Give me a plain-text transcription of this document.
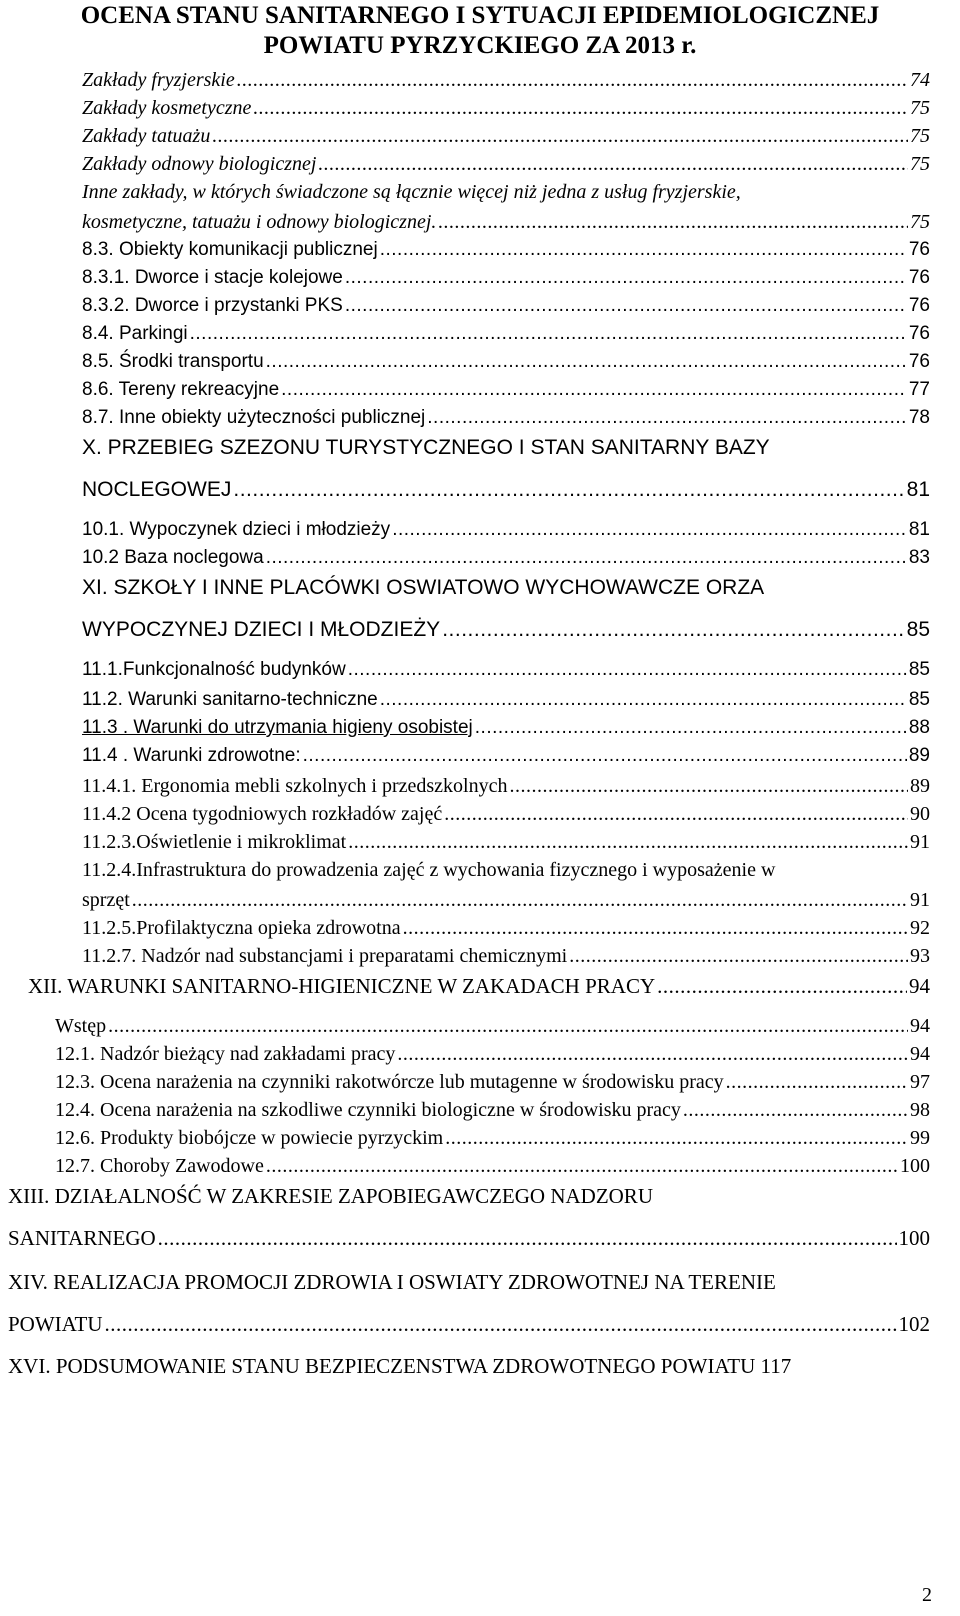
OCENA STANU SANITARNEGO I SYTUACJI EPIDEMIOLOGICZNEJ
POWIATU PYRZYCKIEGO ZA 2013 r.
Zakłady fryzjerskie .....	74
Zakłady kosmetyczne .....	75
Zakłady tatuażu .....	75
Zakłady odnowy biologicznej .....	75
Inne zakłady, w których świadczone są łącznie więcej niż jedna z usług fryzjerskie,
kosmetyczne, tatuażu i odnowy biologicznej. .....	75
8.3. Obiekty komunikacji publicznej .....	76
8.3.1. Dworce i stacje kolejowe .....	76
8.3.2. Dworce i przystanki PKS .....	76
8.4. Parkingi .....	76
8.5. Środki transportu .....	76
8.6. Tereny rekreacyjne .....	77
8.7. Inne obiekty użyteczności publicznej .....	78
X. PRZEBIEG SZEZONU TURYSTYCZNEGO I STAN SANITARNY BAZY
NOCLEGOWEJ .....	81
10.1. Wypoczynek dzieci i młodzieży .....	81
10.2 Baza noclegowa .....	83
XI. SZKOŁY I INNE PLACÓWKI OSWIATOWO WYCHOWAWCZE ORZA
WYPOCZYNEJ DZIECI I MŁODZIEŻY .....	85
11.1.Funkcjonalność budynków .....	85
11.2. Warunki sanitarno-techniczne .....	85
11.3 . Warunki do utrzymania higieny osobistej .....	88
11.4 . Warunki zdrowotne: .....	89
11.4.1. Ergonomia mebli szkolnych i przedszkolnych .....	89
11.4.2 Ocena tygodniowych rozkładów zajęć .....	90
11.2.3.Oświetlenie i mikroklimat .....	91
11.2.4.Infrastruktura do prowadzenia zajęć z wychowania fizycznego i wyposażenie w
sprzęt .....	91
11.2.5.Profilaktyczna opieka zdrowotna .....	92
11.2.7. Nadzór nad substancjami i preparatami chemicznymi .....	93
XII. WARUNKI SANITARNO-HIGIENICZNE W ZAKADACH PRACY .....	94
Wstęp .....	94
12.1. Nadzór bieżący nad zakładami pracy .....	94
12.3. Ocena narażenia na czynniki rakotwórcze lub mutagenne w środowisku pracy .....	97
12.4. Ocena narażenia na szkodliwe czynniki biologiczne w środowisku pracy .....	98
12.6. Produkty biobójcze w powiecie pyrzyckim .....	99
12.7. Choroby Zawodowe .....	100
XIII. DZIAŁALNOŚĆ W ZAKRESIE ZAPOBIEGAWCZEGO NADZORU
SANITARNEGO .....	100
XIV. REALIZACJA PROMOCJI ZDROWIA I OSWIATY ZDROWOTNEJ NA TERENIE
POWIATU .....	102
XVI. PODSUMOWANIE STANU BEZPIECZENSTWA ZDROWOTNEGO POWIATU 117
2
